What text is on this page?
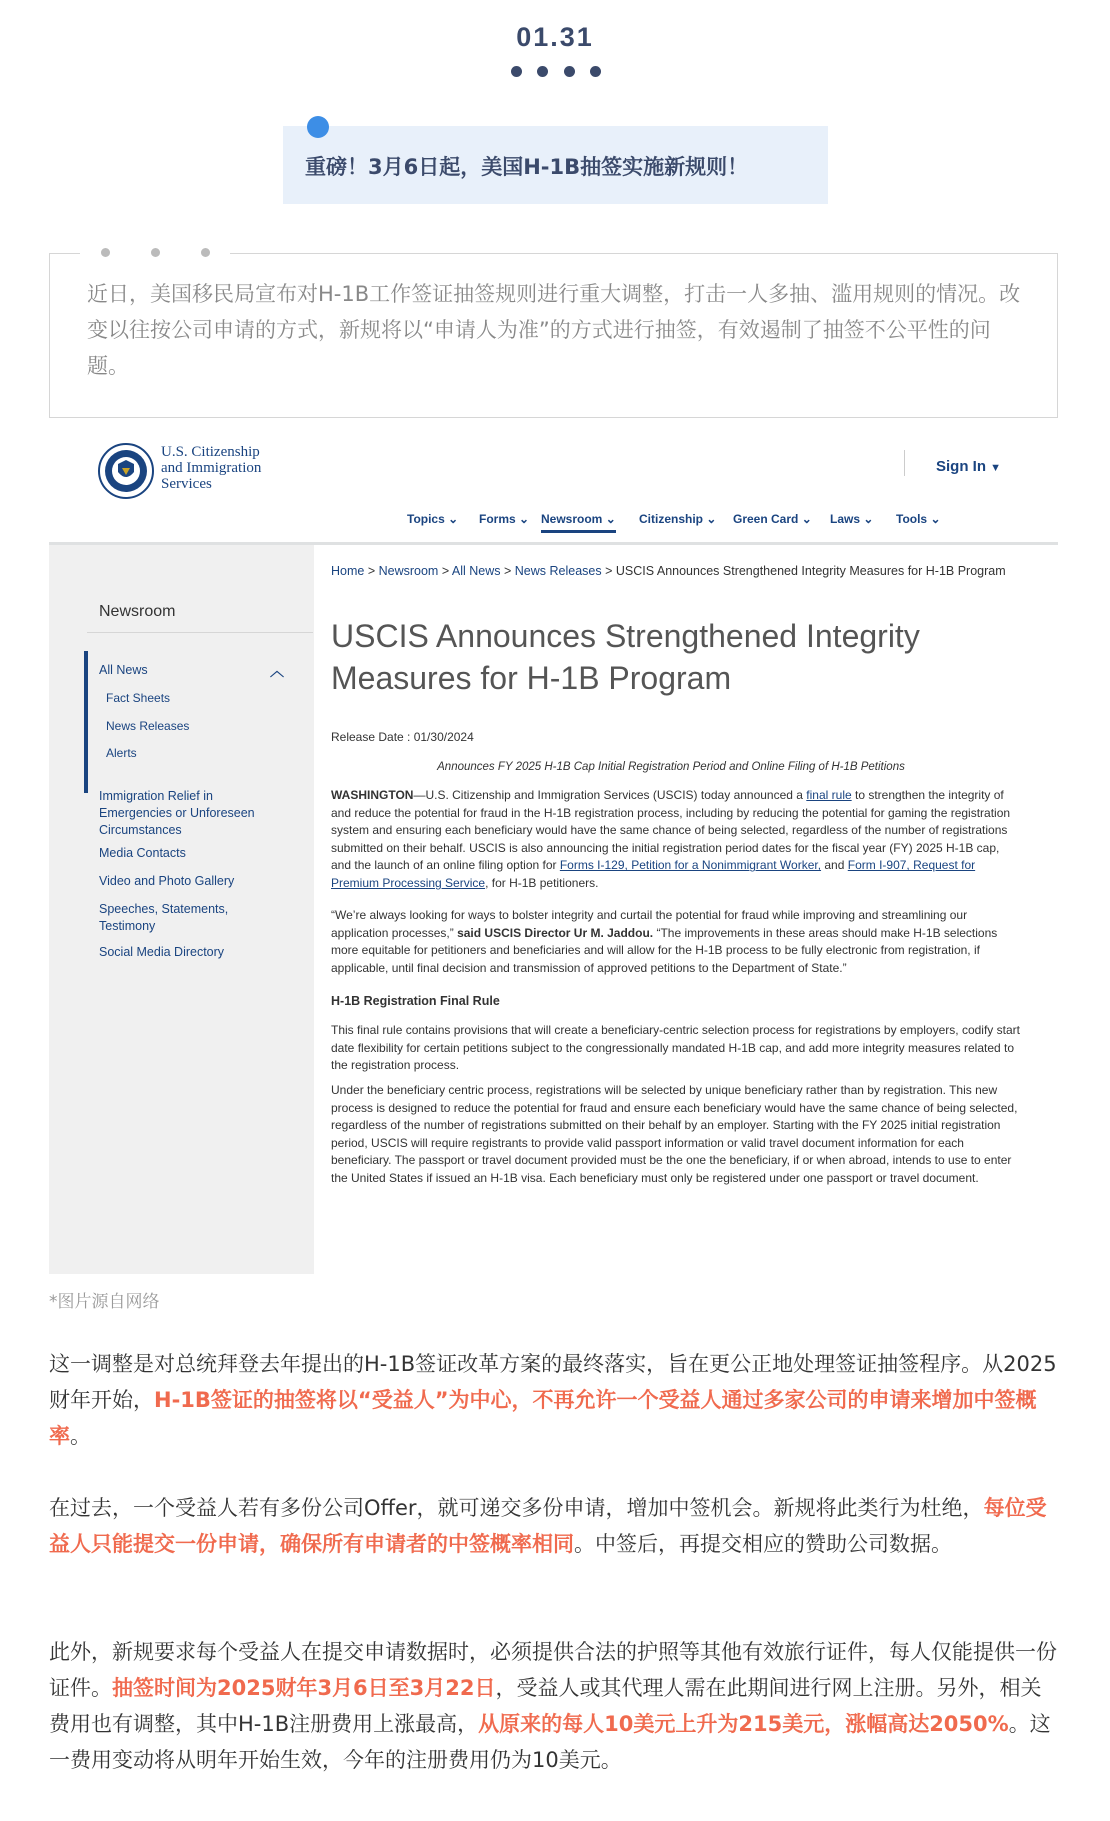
01.31
重磅！3月6日起，美国H-1B抽签实施新规则！
近日，美国移民局宣布对H-1B工作签证抽签规则进行重大调整，打击一人多抽、滥用规则的情况。改变以往按公司申请的方式，新规将以“申请人为准”的方式进行抽签，有效遏制了抽签不公平性的问题。
U.S. Citizenship
and Immigration
Services
Sign In ▼
Topics ⌄ Forms ⌄ Newsroom ⌄ Citizenship ⌄ Green Card ⌄ Laws ⌄ Tools ⌄
Newsroom
All News	︿
Fact Sheets
News Releases
Alerts
Immigration Relief in Emergencies or Unforeseen Circumstances
Media Contacts
Video and Photo Gallery
Speeches, Statements, Testimony
Social Media Directory
Home > Newsroom > All News > News Releases > USCIS Announces Strengthened Integrity Measures for H-1B Program
USCIS Announces Strengthened Integrity Measures for H-1B Program
Release Date : 01/30/2024
Announces FY 2025 H-1B Cap Initial Registration Period and Online Filing of H-1B Petitions
WASHINGTON—U.S. Citizenship and Immigration Services (USCIS) today announced a final rule to strengthen the integrity of and reduce the potential for fraud in the H-1B registration process, including by reducing the potential for gaming the registration system and ensuring each beneficiary would have the same chance of being selected, regardless of the number of registrations submitted on their behalf. USCIS is also announcing the initial registration period dates for the fiscal year (FY) 2025 H-1B cap, and the launch of an online filing option for Forms I-129, Petition for a Nonimmigrant Worker, and Form I-907, Request for Premium Processing Service, for H-1B petitioners.
“We’re always looking for ways to bolster integrity and curtail the potential for fraud while improving and streamlining our application processes,” said USCIS Director Ur M. Jaddou. “The improvements in these areas should make H-1B selections more equitable for petitioners and beneficiaries and will allow for the H-1B process to be fully electronic from registration, if applicable, until final decision and transmission of approved petitions to the Department of State.”
H-1B Registration Final Rule
This final rule contains provisions that will create a beneficiary-centric selection process for registrations by employers, codify start date flexibility for certain petitions subject to the congressionally mandated H-1B cap, and add more integrity measures related to the registration process.
Under the beneficiary centric process, registrations will be selected by unique beneficiary rather than by registration. This new process is designed to reduce the potential for fraud and ensure each beneficiary would have the same chance of being selected, regardless of the number of registrations submitted on their behalf by an employer. Starting with the FY 2025 initial registration period, USCIS will require registrants to provide valid passport information or valid travel document information for each beneficiary. The passport or travel document provided must be the one the beneficiary, if or when abroad, intends to use to enter the United States if issued an H-1B visa. Each beneficiary must only be registered under one passport or travel document.
*图片源自网络

这一调整是对总统拜登去年提出的H-1B签证改革方案的最终落实，旨在更公正地处理签证抽签程序。从2025财年开始，H-1B签证的抽签将以“受益人”为中心，不再允许一个受益人通过多家公司的申请来增加中签概率。

在过去，一个受益人若有多份公司Offer，就可递交多份申请，增加中签机会。新规将此类行为杜绝，每位受益人只能提交一份申请，确保所有申请者的中签概率相同。中签后，再提交相应的赞助公司数据。

此外，新规要求每个受益人在提交申请数据时，必须提供合法的护照等其他有效旅行证件，每人仅能提供一份证件。抽签时间为2025财年3月6日至3月22日，受益人或其代理人需在此期间进行网上注册。另外，相关费用也有调整，其中H-1B注册费用上涨最高，从原来的每人10美元上升为215美元，涨幅高达2050%。这一费用变动将从明年开始生效，今年的注册费用仍为10美元。
